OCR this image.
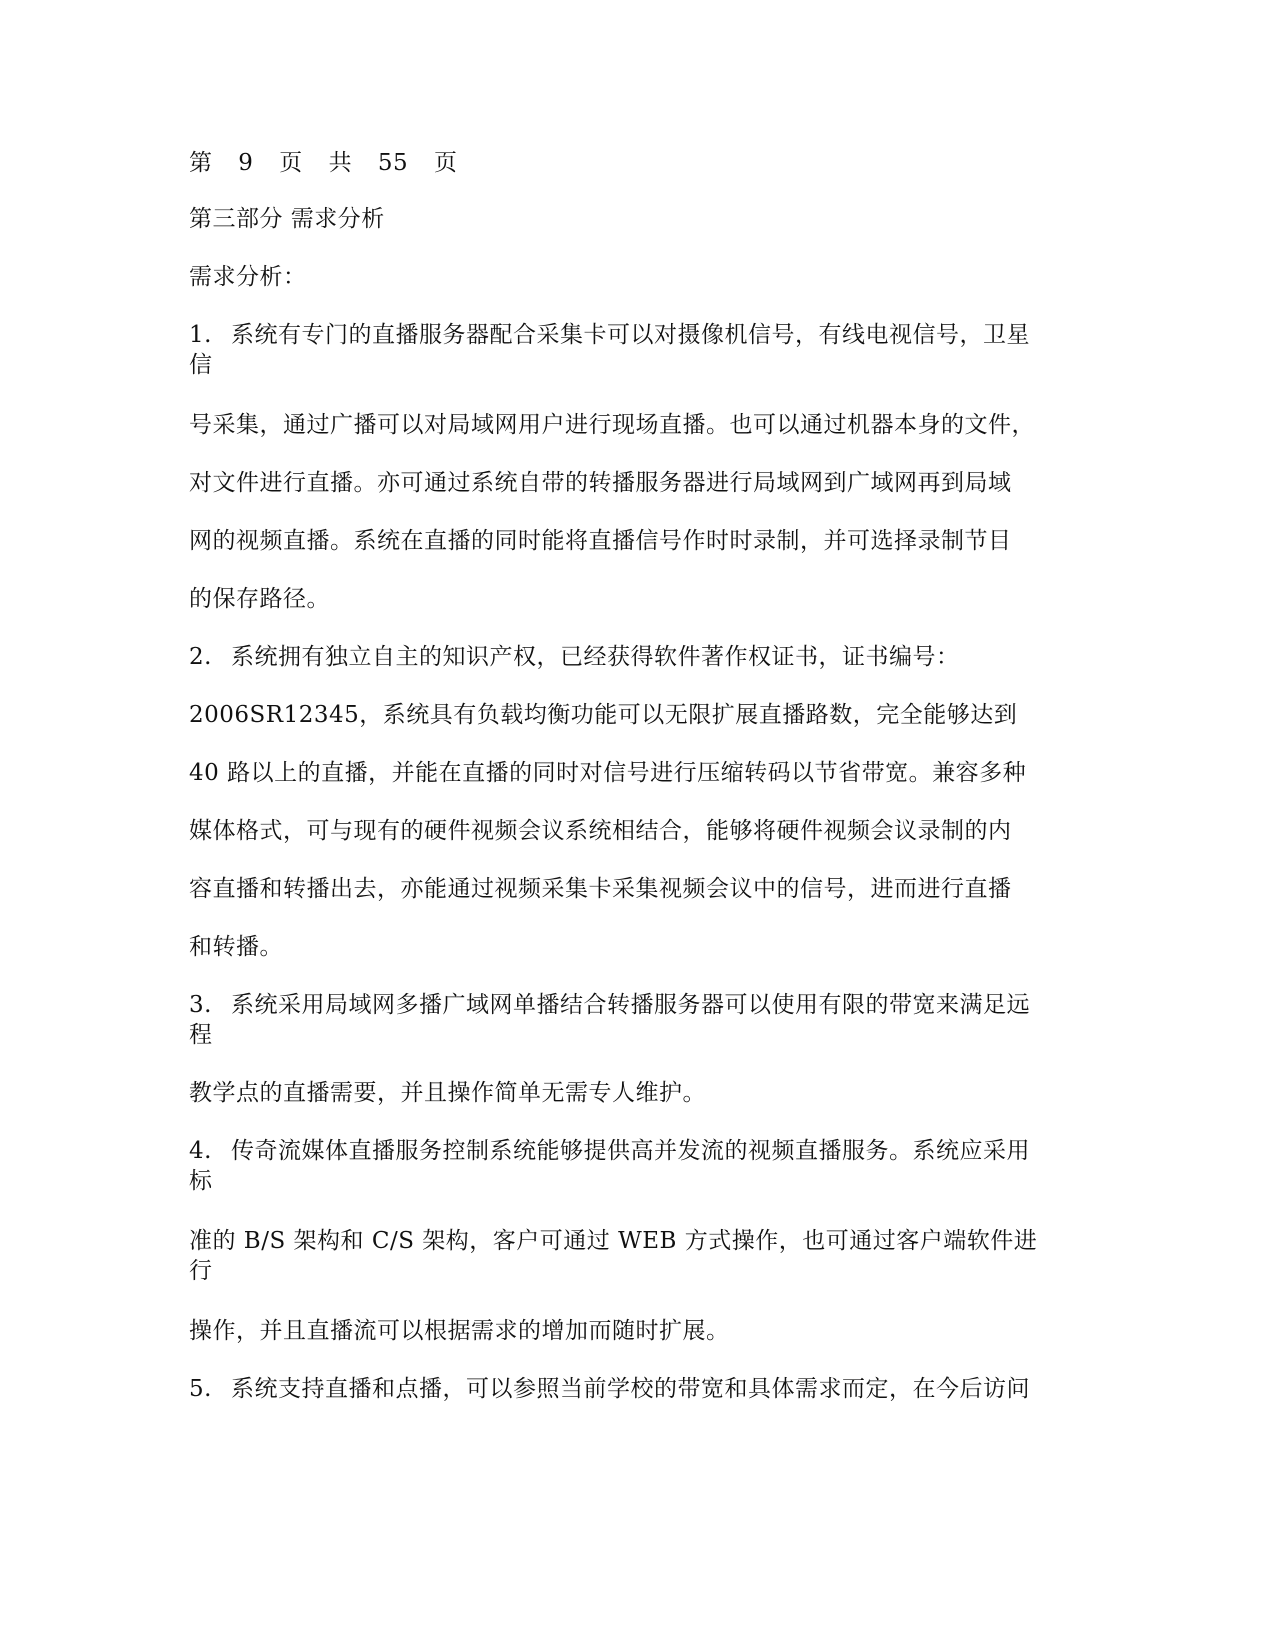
第 9 页 共 55 页
第三部分 需求分析
需求分析：
1. 系统有专门的直播服务器配合采集卡可以对摄像机信号，有线电视信号，卫星
信
号采集，通过广播可以对局域网用户进行现场直播。也可以通过机器本身的文件，
对文件进行直播。亦可通过系统自带的转播服务器进行局域网到广域网再到局域
网的视频直播。系统在直播的同时能将直播信号作时时录制，并可选择录制节目
的保存路径。
2. 系统拥有独立自主的知识产权，已经获得软件著作权证书，证书编号：
2006SR12345，系统具有负载均衡功能可以无限扩展直播路数，完全能够达到
40 路以上的直播，并能在直播的同时对信号进行压缩转码以节省带宽。兼容多种
媒体格式，可与现有的硬件视频会议系统相结合，能够将硬件视频会议录制的内
容直播和转播出去，亦能通过视频采集卡采集视频会议中的信号，进而进行直播
和转播。
3. 系统采用局域网多播广域网单播结合转播服务器可以使用有限的带宽来满足远
程
教学点的直播需要，并且操作简单无需专人维护。
4. 传奇流媒体直播服务控制系统能够提供高并发流的视频直播服务。系统应采用
标
准的 B/S 架构和 C/S 架构，客户可通过 WEB 方式操作，也可通过客户端软件进
行
操作，并且直播流可以根据需求的增加而随时扩展。
5. 系统支持直播和点播，可以参照当前学校的带宽和具体需求而定，在今后访问
